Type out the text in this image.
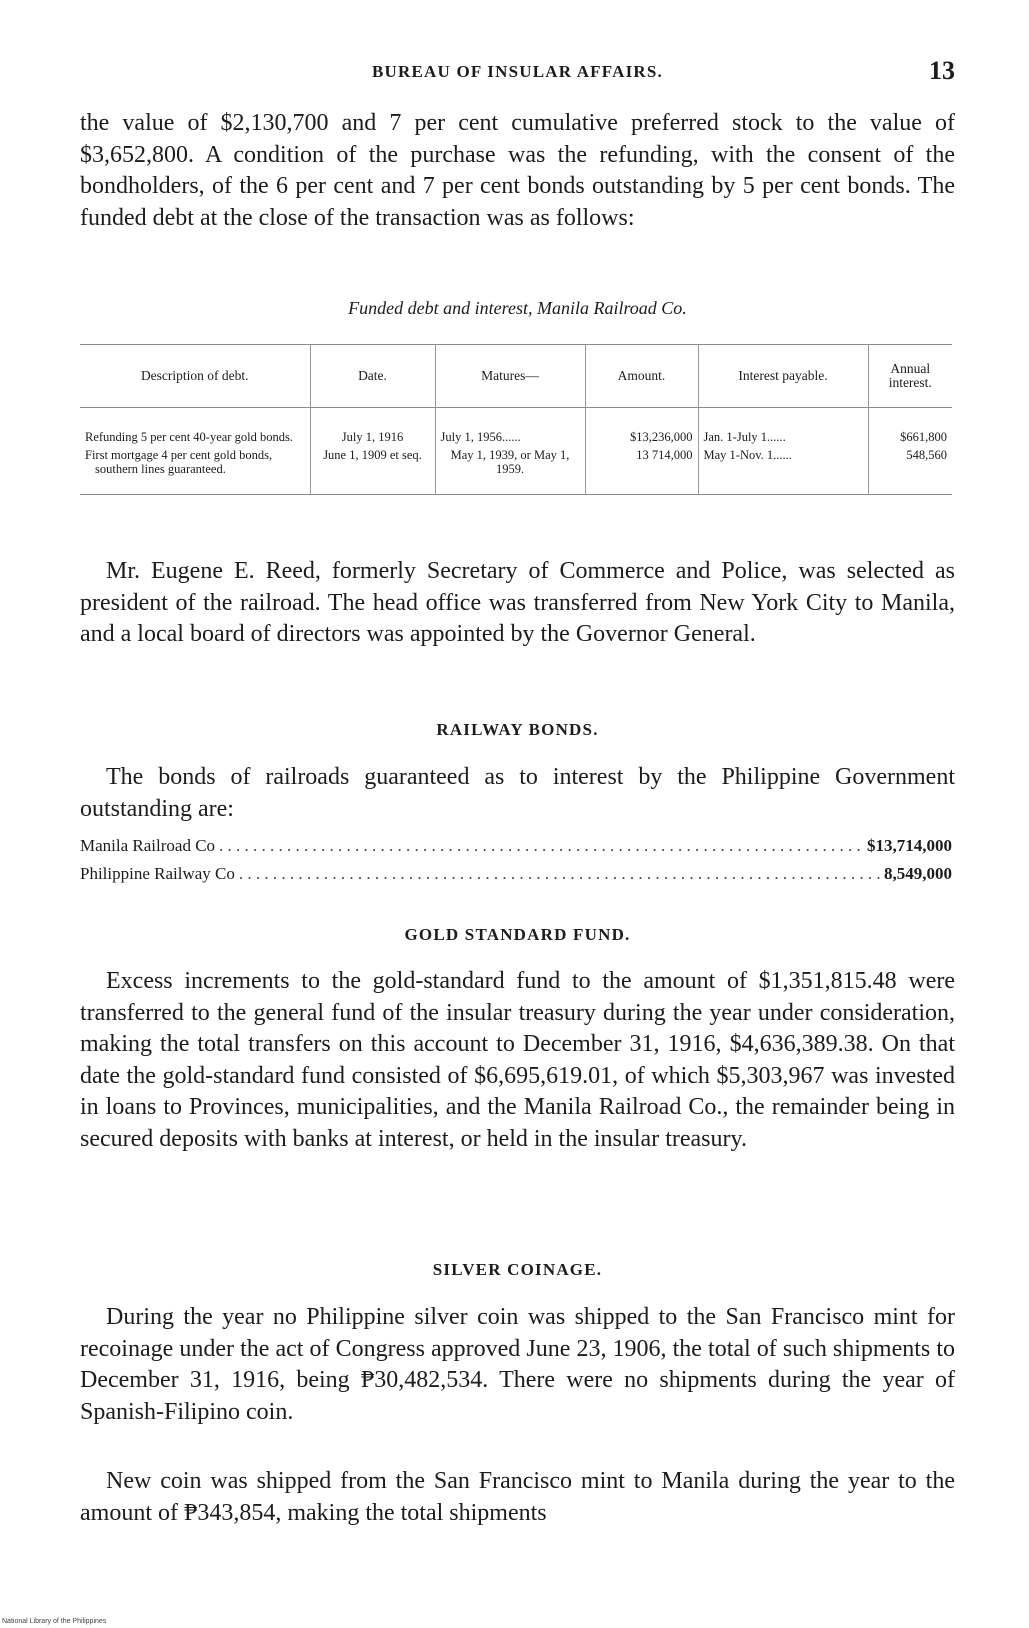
BUREAU OF INSULAR AFFAIRS.	13

the value of $2,130,700 and 7 per cent cumulative preferred stock to the value of $3,652,800. A condition of the purchase was the refunding, with the consent of the bondholders, of the 6 per cent and 7 per cent bonds outstanding by 5 per cent bonds. The funded debt at the close of the transaction was as follows:

Funded debt and interest, Manila Railroad Co.
Description of debt.	Date.	Matures—	Amount.	Interest payable.	Annual interest.

Refunding 5 per cent 40-year gold bonds.	July 1, 1916	July 1, 1956......	$13,236,000	Jan. 1-July 1......	$661,800

First mortgage 4 per cent gold bonds, southern lines guaranteed.	June 1, 1909 et seq.	May 1, 1939, or May 1, 1959.	13 714,000	May 1-Nov. 1......	548,560

Mr. Eugene E. Reed, formerly Secretary of Commerce and Police, was selected as president of the railroad. The head office was transferred from New York City to Manila, and a local board of directors was appointed by the Governor General.

RAILWAY BONDS.

The bonds of railroads guaranteed as to interest by the Philippine Government outstanding are:

Manila Railroad Co . . .	$13,714,000
Philippine Railway Co . . .	8,549,000
GOLD STANDARD FUND.

Excess increments to the gold-standard fund to the amount of $1,351,815.48 were transferred to the general fund of the insular treasury during the year under consideration, making the total transfers on this account to December 31, 1916, $4,636,389.38. On that date the gold-standard fund consisted of $6,695,619.01, of which $5,303,967 was invested in loans to Provinces, municipalities, and the Manila Railroad Co., the remainder being in secured deposits with banks at interest, or held in the insular treasury.

SILVER COINAGE.

During the year no Philippine silver coin was shipped to the San Francisco mint for recoinage under the act of Congress approved June 23, 1906, the total of such shipments to December 31, 1916, being ₱30,482,534. There were no shipments during the year of Spanish-Filipino coin.

New coin was shipped from the San Francisco mint to Manila during the year to the amount of ₱343,854, making the total shipments

National Library of the Philippines
